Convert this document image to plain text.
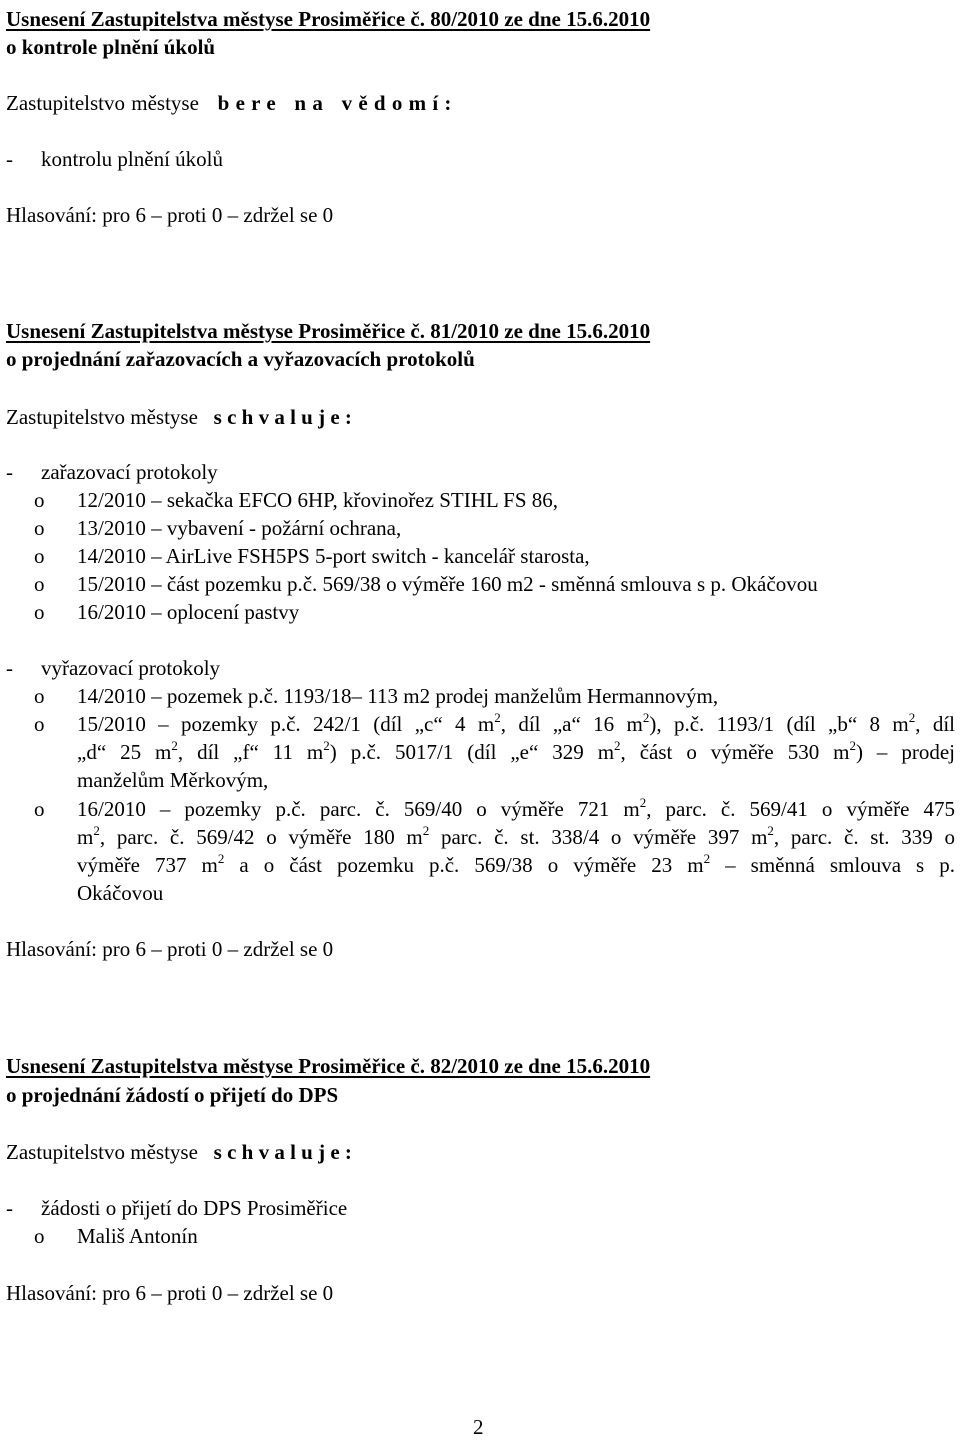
Usnesení Zastupitelstva městyse Prosiměřice č. 80/2010 ze dne 15.6.2010
o kontrole plnění úkolů
Zastupitelstvo městyse b e r e   n a   v ě d o m í :
- kontrolu plnění úkolů
Hlasování: pro 6 – proti 0 – zdržel se 0
Usnesení Zastupitelstva městyse Prosiměřice č. 81/2010 ze dne 15.6.2010
o projednání zařazovacích a vyřazovacích protokolů
Zastupitelstvo městyse s c h v a l u j e :
- zařazovací protokoly
o 12/2010 – sekačka EFCO 6HP, křovinořez STIHL FS 86,
o 13/2010 – vybavení - požární ochrana,
o 14/2010 – AirLive FSH5PS 5-port switch - kancelář starosta,
o 15/2010 – část pozemku p.č. 569/38 o výměře 160 m2 - směnná smlouva s p. Okáčovou
o 16/2010 – oplocení pastvy
- vyřazovací protokoly
o 14/2010 – pozemek p.č. 1193/18– 113 m2 prodej manželům Hermannovým,
o 15/2010 – pozemky p.č. 242/1 (díl „c“ 4 $m^2$, díl „a“ 16 $m^2$), p.č. 1193/1 (díl „b“ 8 $m^2$, díl
„d“ 25 $m^2$, díl „f“ 11 $m^2$) p.č. 5017/1 (díl „e“ 329 $m^2$, část o výměře 530 $m^2$) – prodej
manželům Měrkovým,
o 16/2010 – pozemky p.č. parc. č. 569/40 o výměře 721 $m^2$, parc. č. 569/41 o výměře 475
$m^2$, parc. č. 569/42 o výměře 180 $m^2$ parc. č. st. 338/4 o výměře 397 $m^2$, parc. č. st. 339 o
výměře 737 $m^2$ a o část pozemku p.č. 569/38 o výměře 23 $m^2$ – směnná smlouva s p.
Okáčovou
Hlasování: pro 6 – proti 0 – zdržel se 0
Usnesení Zastupitelstva městyse Prosiměřice č. 82/2010 ze dne 15.6.2010
o projednání žádostí o přijetí do DPS
Zastupitelstvo městyse s c h v a l u j e :
- žádosti o přijetí do DPS Prosiměřice
o Mališ Antonín
Hlasování: pro 6 – proti 0 – zdržel se 0
2
